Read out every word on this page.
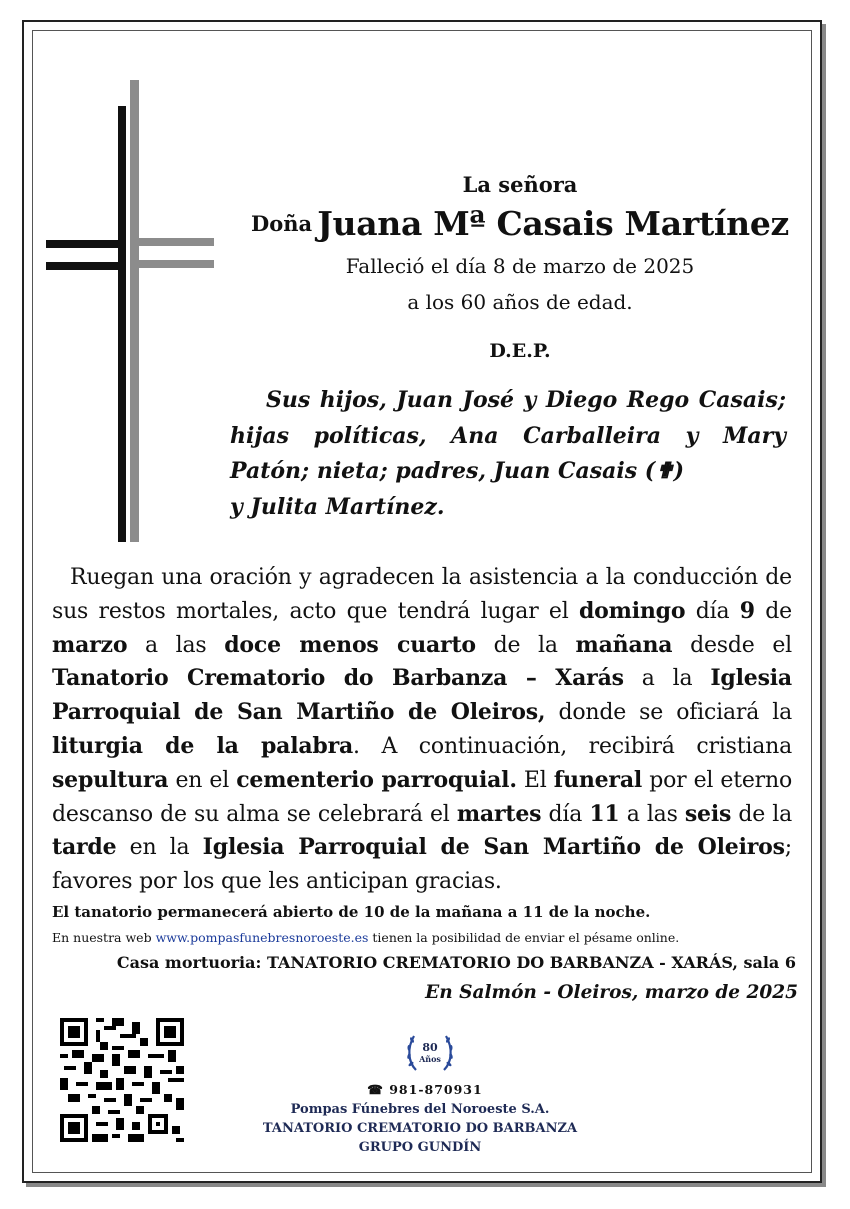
La señora
Doña Juana Mª Casais Martínez
Falleció el día 8 de marzo de 2025
a los 60 años de edad.
D.E.P.
Sus hijos, Juan José y Diego Rego Casais; hijas políticas, Ana Carballeira y Mary Patón; nieta; padres, Juan Casais (✟)
y Julita Martínez.
Ruegan una oración y agradecen la asistencia a la conducción de sus restos mortales, acto que tendrá lugar el domingo día 9 de marzo a las doce menos cuarto de la mañana desde el Tanatorio Crematorio do Barbanza – Xarás a la Iglesia Parroquial de San Martiño de Oleiros, donde se oficiará la liturgia de la palabra. A continuación, recibirá cristiana sepultura en el cementerio parroquial. El funeral por el eterno descanso de su alma se celebrará el martes día 11 a las seis de la tarde en la Iglesia Parroquial de San Martiño de Oleiros; favores por los que les anticipan gracias.
El tanatorio permanecerá abierto de 10 de la mañana a 11 de la noche.
En nuestra web www.pompasfunebresnoroeste.es tienen la posibilidad de enviar el pésame online.
Casa mortuoria: TANATORIO CREMATORIO DO BARBANZA - XARÁS, sala 6
En Salmón - Oleiros, marzo de 2025
80
Años
☎ 981-870931
Pompas Fúnebres del Noroeste S.A.
TANATORIO CREMATORIO DO BARBANZA
GRUPO GUNDÍN
